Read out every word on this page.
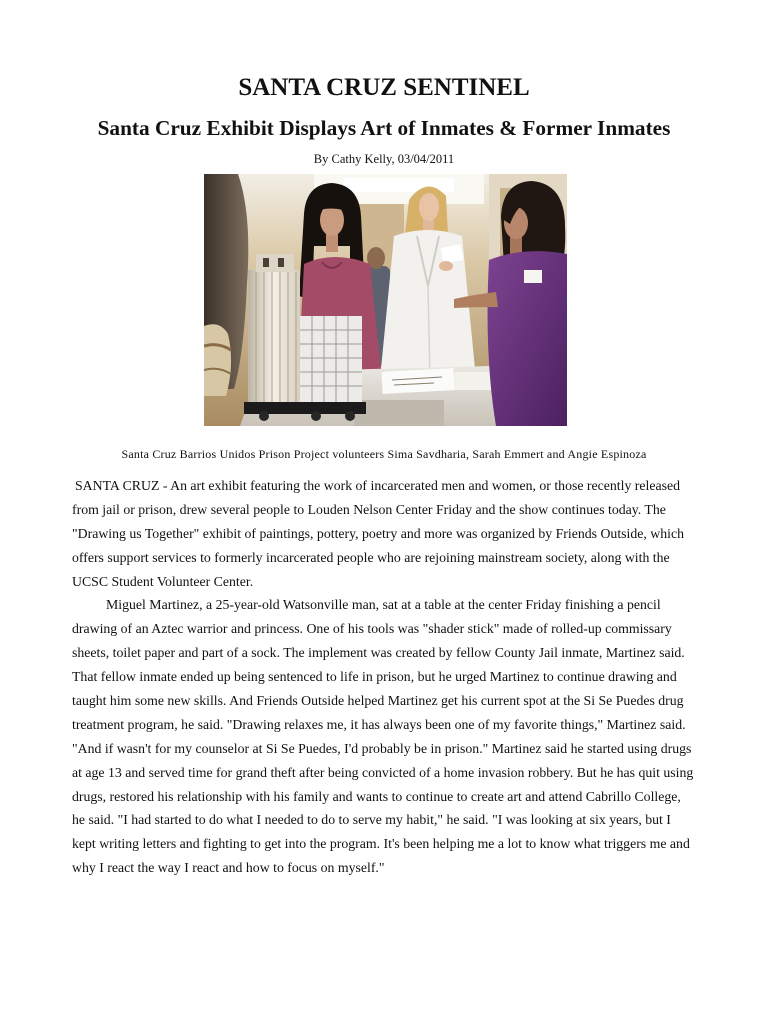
SANTA CRUZ SENTINEL
Santa Cruz Exhibit Displays Art of Inmates & Former Inmates
By Cathy Kelly, 03/04/2011
Santa Cruz Barrios Unidos Prison Project volunteers Sima Savdharia, Sarah Emmert and Angie Espinoza
SANTA CRUZ - An art exhibit featuring the work of incarcerated men and women, or those recently released
from jail or prison, drew several people to Louden Nelson Center Friday and the show continues today. The
"Drawing us Together" exhibit of paintings, pottery, poetry and more was organized by Friends Outside, which
offers support services to formerly incarcerated people who are rejoining mainstream society, along with the
UCSC Student Volunteer Center.
Miguel Martinez, a 25-year-old Watsonville man, sat at a table at the center Friday finishing a pencil
drawing of an Aztec warrior and princess. One of his tools was "shader stick" made of rolled-up commissary
sheets, toilet paper and part of a sock. The implement was created by fellow County Jail inmate, Martinez said.
That fellow inmate ended up being sentenced to life in prison, but he urged Martinez to continue drawing and
taught him some new skills. And Friends Outside helped Martinez get his current spot at the Si Se Puedes drug
treatment program, he said. "Drawing relaxes me, it has always been one of my favorite things," Martinez said.
"And if wasn't for my counselor at Si Se Puedes, I'd probably be in prison." Martinez said he started using drugs
at age 13 and served time for grand theft after being convicted of a home invasion robbery. But he has quit using
drugs, restored his relationship with his family and wants to continue to create art and attend Cabrillo College,
he said. "I had started to do what I needed to do to serve my habit," he said. "I was looking at six years, but I
kept writing letters and fighting to get into the program. It's been helping me a lot to know what triggers me and
why I react the way I react and how to focus on myself."
